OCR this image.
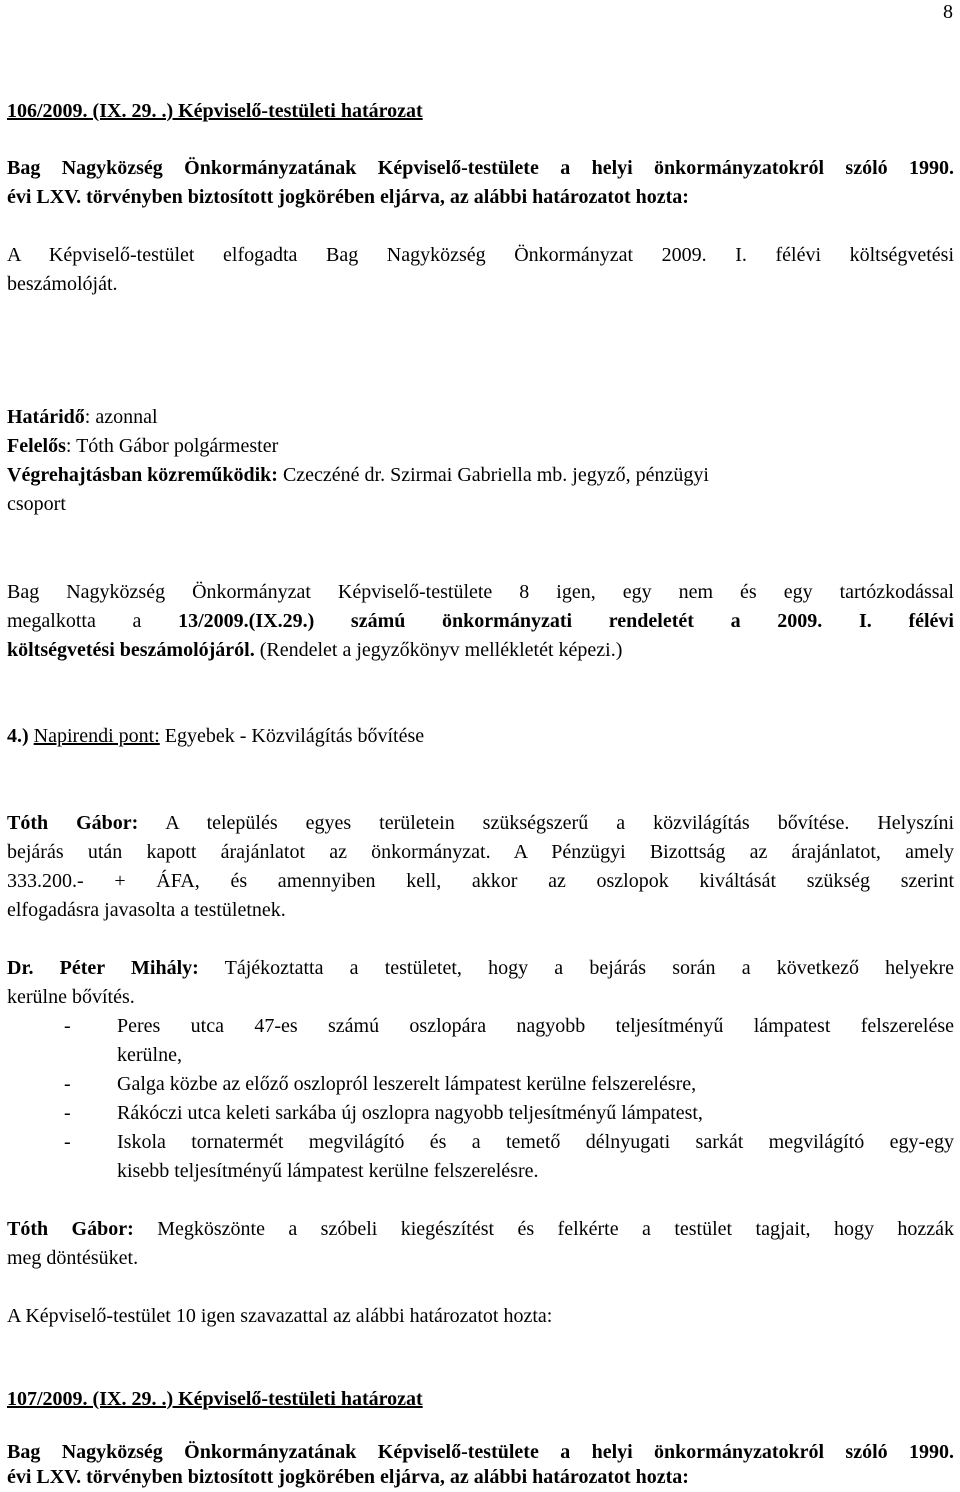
8
106/2009. (IX. 29. .) Képviselő-testületi határozat
Bag Nagyközség Önkormányzatának Képviselő-testülete a helyi önkormányzatokról szóló 1990.
évi LXV. törvényben biztosított jogkörében eljárva, az alábbi határozatot hozta:
A Képviselő-testület elfogadta Bag Nagyközség Önkormányzat 2009. I. félévi költségvetési
beszámolóját.
Határidő: azonnal
Felelős: Tóth Gábor polgármester
Végrehajtásban közreműködik: Czeczéné dr. Szirmai Gabriella mb. jegyző, pénzügyi
csoport
Bag Nagyközség Önkormányzat Képviselő-testülete 8 igen, egy nem és egy tartózkodással
megalkotta a 13/2009.(IX.29.) számú önkormányzati rendeletét a 2009. I. félévi
költségvetési beszámolójáról. (Rendelet a jegyzőkönyv mellékletét képezi.)
4.) Napirendi pont: Egyebek - Közvilágítás bővítése
Tóth Gábor: A település egyes területein szükségszerű a közvilágítás bővítése. Helyszíni
bejárás után kapott árajánlatot az önkormányzat. A Pénzügyi Bizottság az árajánlatot, amely
333.200.- + ÁFA, és amennyiben kell, akkor az oszlopok kiváltását szükség szerint
elfogadásra javasolta a testületnek.
Dr. Péter Mihály: Tájékoztatta a testületet, hogy a bejárás során a következő helyekre
kerülne bővítés.
- Peres utca 47-es számú oszlopára nagyobb teljesítményű lámpatest felszerelése
kerülne,
- Galga közbe az előző oszlopról leszerelt lámpatest kerülne felszerelésre,
- Rákóczi utca keleti sarkába új oszlopra nagyobb teljesítményű lámpatest,
- Iskola tornatermét megvilágító és a temető délnyugati sarkát megvilágító egy-egy
kisebb teljesítményű lámpatest kerülne felszerelésre.
Tóth Gábor: Megköszönte a szóbeli kiegészítést és felkérte a testület tagjait, hogy hozzák
meg döntésüket.
A Képviselő-testület 10 igen szavazattal az alábbi határozatot hozta:
107/2009. (IX. 29. .) Képviselő-testületi határozat
Bag Nagyközség Önkormányzatának Képviselő-testülete a helyi önkormányzatokról szóló 1990.
évi LXV. törvényben biztosított jogkörében eljárva, az alábbi határozatot hozta:
